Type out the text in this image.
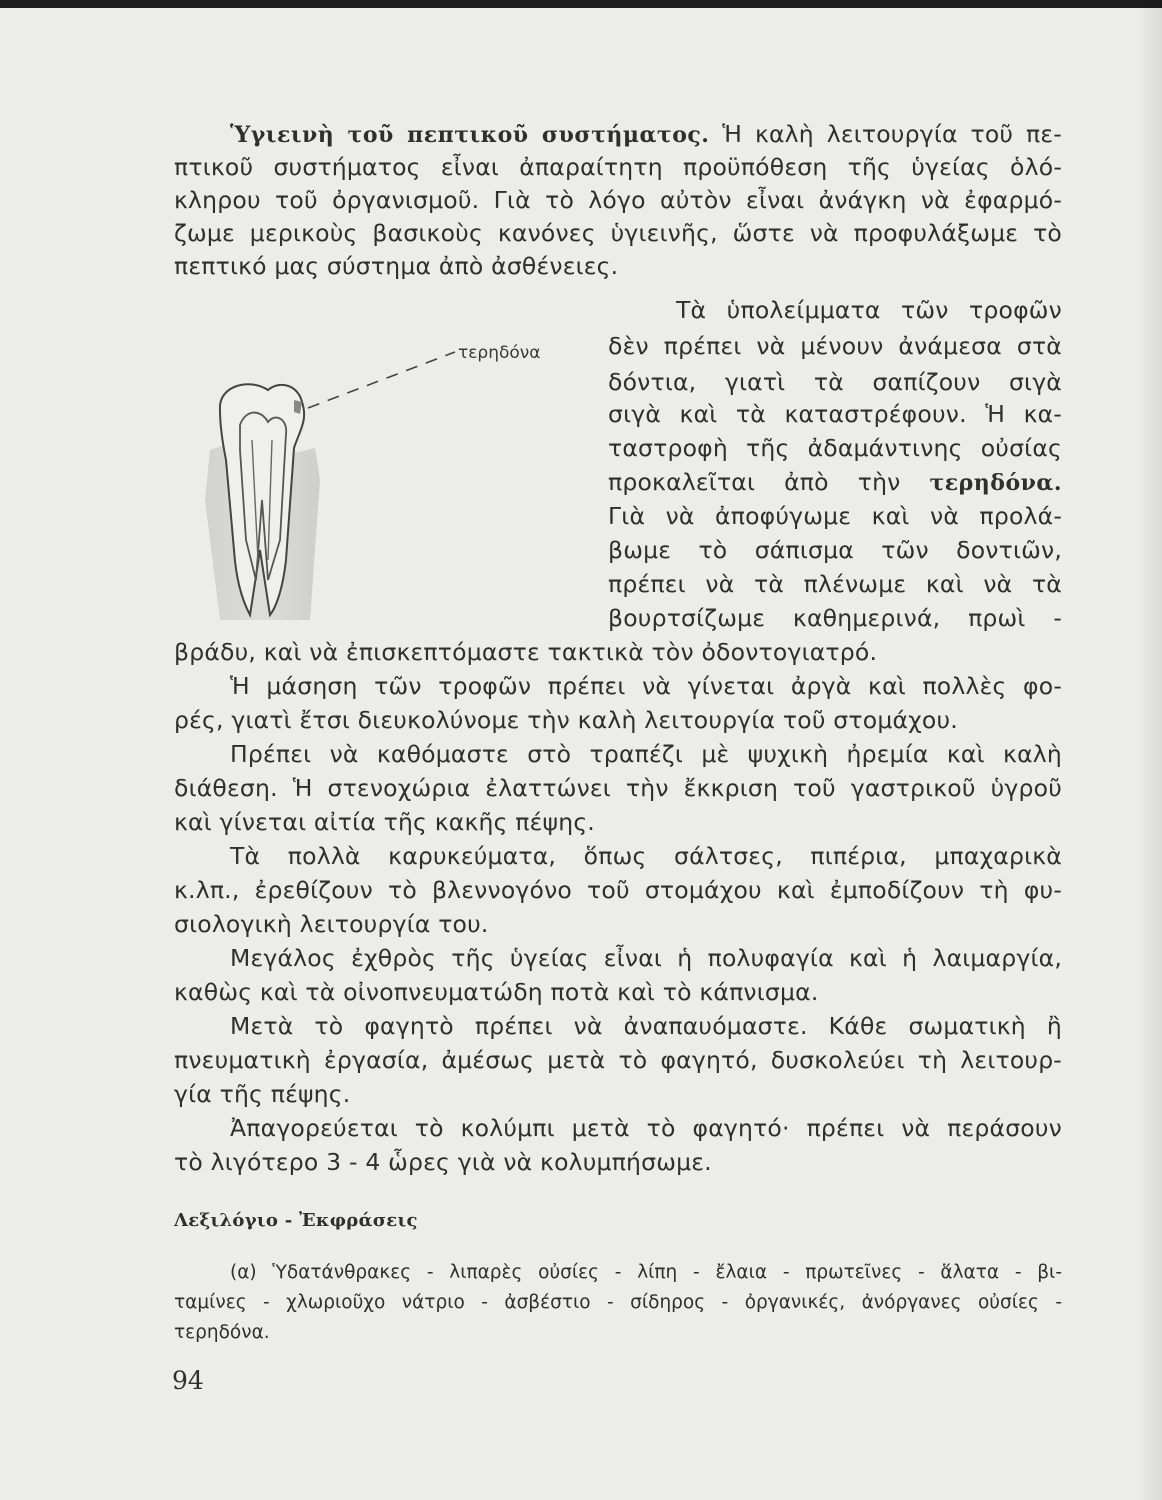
Ὑγιεινὴ τοῦ πεπτικοῦ συστήματος. Ἡ καλὴ λειτουργία τοῦ πε-
πτικοῦ συστήματος εἶναι ἀπαραίτητη προϋπόθεση τῆς ὑγείας ὁλό-
κληρου τοῦ ὀργανισμοῦ. Γιὰ τὸ λόγο αὐτὸν εἶναι ἀνάγκη νὰ ἐφαρμό-
ζωμε μερικοὺς βασικοὺς κανόνες ὑγιεινῆς, ὥστε νὰ προφυλάξωμε τὸ
πεπτικό μας σύστημα ἀπὸ ἀσθένειες.
τερηδόνα
Τὰ ὑπολείμματα τῶν τροφῶν
δὲν πρέπει νὰ μένουν ἀνάμεσα στὰ
δόντια, γιατὶ τὰ σαπίζουν σιγὰ
σιγὰ καὶ τὰ καταστρέφουν. Ἡ κα-
ταστροφὴ τῆς ἀδαμάντινης οὐσίας
προκαλεῖται ἀπὸ τὴν τερηδόνα.
Γιὰ νὰ ἀποφύγωμε καὶ νὰ προλά-
βωμε τὸ σάπισμα τῶν δοντιῶν,
πρέπει νὰ τὰ πλένωμε καὶ νὰ τὰ
βουρτσίζωμε καθημερινά, πρωὶ -
βράδυ, καὶ νὰ ἐπισκεπτόμαστε τακτικὰ τὸν ὀδοντογιατρό.
Ἡ μάσηση τῶν τροφῶν πρέπει νὰ γίνεται ἀργὰ καὶ πολλὲς φο-
ρές, γιατὶ ἔτσι διευκολύνομε τὴν καλὴ λειτουργία τοῦ στομάχου.
Πρέπει νὰ καθόμαστε στὸ τραπέζι μὲ ψυχικὴ ἠρεμία καὶ καλὴ
διάθεση. Ἡ στενοχώρια ἐλαττώνει τὴν ἔκκριση τοῦ γαστρικοῦ ὑγροῦ
καὶ γίνεται αἰτία τῆς κακῆς πέψης.
Τὰ πολλὰ καρυκεύματα, ὅπως σάλτσες, πιπέρια, μπαχαρικὰ
κ.λπ., ἐρεθίζουν τὸ βλεννογόνο τοῦ στομάχου καὶ ἐμποδίζουν τὴ φυ-
σιολογικὴ λειτουργία του.
Μεγάλος ἐχθρὸς τῆς ὑγείας εἶναι ἡ πολυφαγία καὶ ἡ λαιμαργία,
καθὼς καὶ τὰ οἰνοπνευματώδη ποτὰ καὶ τὸ κάπνισμα.
Μετὰ τὸ φαγητὸ πρέπει νὰ ἀναπαυόμαστε. Κάθε σωματικὴ ἢ
πνευματικὴ ἐργασία, ἀμέσως μετὰ τὸ φαγητό, δυσκολεύει τὴ λειτουρ-
γία τῆς πέψης.
Ἀπαγορεύεται τὸ κολύμπι μετὰ τὸ φαγητό· πρέπει νὰ περάσουν
τὸ λιγότερο 3 - 4 ὧρες γιὰ νὰ κολυμπήσωμε.
Λεξιλόγιο - Ἐκφράσεις
(α) Ὑδατάνθρακες - λιπαρὲς οὐσίες - λίπη - ἔλαια - πρωτεῖνες - ἅλατα - βι-
ταμίνες - χλωριοῦχο νάτριο - ἀσβέστιο - σίδηρος - ὀργανικές, ἀνόργανες οὐσίες -
τερηδόνα.
94
